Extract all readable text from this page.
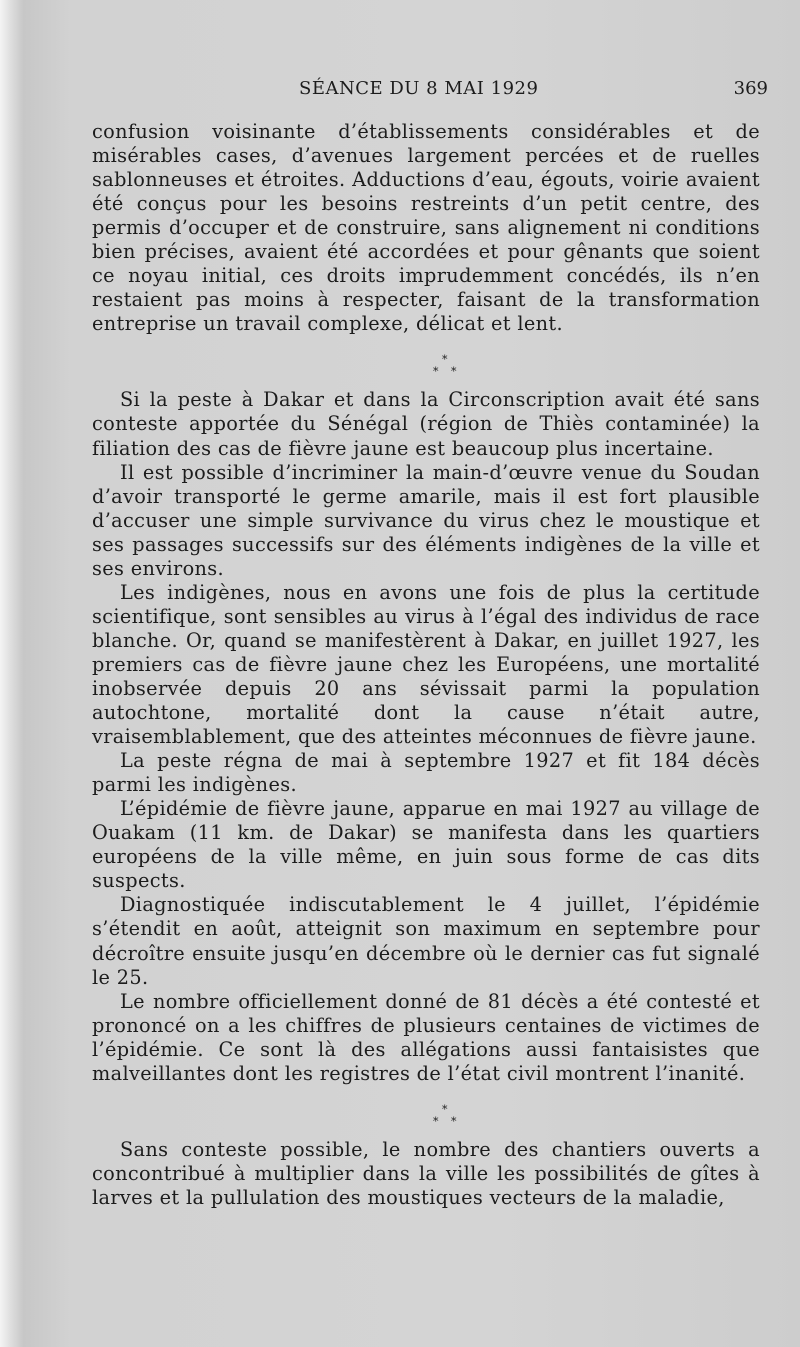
SÉANCE DU 8 MAI 1929	369

confusion voisinante d’établissements considérables et de misérables cases, d’avenues largement percées et de ruelles sablonneuses et étroites. Adductions d’eau, égouts, voirie avaient été conçus pour les besoins restreints d’un petit centre, des permis d’occuper et de construire, sans alignement ni conditions bien précises, avaient été accordées et pour gênants que soient ce noyau initial, ces droits imprudemment concédés, ils n’en restaient pas moins à respecter, faisant de la transformation entreprise un travail complexe, délicat et lent.

*
* *

Si la peste à Dakar et dans la Circonscription avait été sans conteste apportée du Sénégal (région de Thiès contaminée) la filiation des cas de fièvre jaune est beaucoup plus incertaine.

Il est possible d’incriminer la main-d’œuvre venue du Soudan d’avoir transporté le germe amarile, mais il est fort plausible d’accuser une simple survivance du virus chez le moustique et ses passages successifs sur des éléments indigènes de la ville et ses environs.

Les indigènes, nous en avons une fois de plus la certitude scientifique, sont sensibles au virus à l’égal des individus de race blanche. Or, quand se manifestèrent à Dakar, en juillet 1927, les premiers cas de fièvre jaune chez les Européens, une mortalité inobservée depuis 20 ans sévissait parmi la population autochtone, mortalité dont la cause n’était autre, vraisemblablement, que des atteintes méconnues de fièvre jaune.

La peste régna de mai à septembre 1927 et fit 184 décès parmi les indigènes.

L’épidémie de fièvre jaune, apparue en mai 1927 au village de Ouakam (11 km. de Dakar) se manifesta dans les quartiers européens de la ville même, en juin sous forme de cas dits suspects.

Diagnostiquée indiscutablement le 4 juillet, l’épidémie s’étendit en août, atteignit son maximum en septembre pour décroître ensuite jusqu’en décembre où le dernier cas fut signalé le 25.

Le nombre officiellement donné de 81 décès a été contesté et prononcé on a les chiffres de plusieurs centaines de victimes de l’épidémie. Ce sont là des allégations aussi fantaisistes que malveillantes dont les registres de l’état civil montrent l’inanité.

*
* *

Sans conteste possible, le nombre des chantiers ouverts a concontribué à multiplier dans la ville les possibilités de gîtes à larves et la pullulation des moustiques vecteurs de la maladie,
